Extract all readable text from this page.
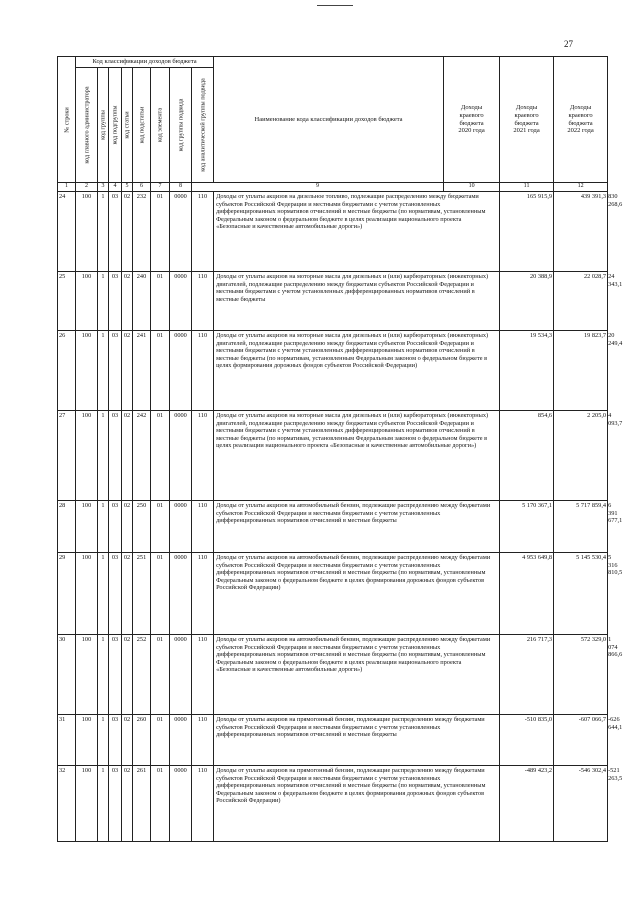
27
№ строки	Код классификации доходов бюджета								Наименование кода классификации доходов бюджета	Доходы
краевого
бюджета
2020 года	Доходы
краевого
бюджета
2021 года	Доходы
краевого
бюджета
2022 года	

	код главного администратора	код группы	код подгруппы	код статьи	код подстатьи	код элемента	код группы подвида	код аналитической группы подвида					

1	2	3	4	5	6	7	8	9		10	11	12	
24	100	1	03	02	232	01	0000	110	Доходы от уплаты акцизов на дизельное топливо, подлежащие распределению между бюджетами субъектов Российской Федерации и местными бюджетами с учетом установленных дифференцированных нормативов отчислений в местные бюджеты (по нормативам, установленным Федеральным законом о федеральном бюджете в целях реализации национального проекта «Безопасные и качественные автомобильные дороги»)		165 915,9	439 391,3	830 268,6
25	100	1	03	02	240	01	0000	110	Доходы от уплаты акцизов на моторные масла для дизельных и (или) карбюраторных (инжекторных) двигателей, подлежащие распределению между бюджетами субъектов Российской Федерации и местными бюджетами с учетом установленных дифференцированных нормативов отчислений в местные бюджеты		20 388,9	22 028,7	24 343,1
26	100	1	03	02	241	01	0000	110	Доходы от уплаты акцизов на моторные масла для дизельных и (или) карбюраторных (инжекторных) двигателей, подлежащие распределению между бюджетами субъектов Российской Федерации и местными бюджетами с учетом установленных дифференцированных нормативов отчислений в местные бюджеты (по нормативам, установленным Федеральным законом о федеральном бюджете в целях формирования дорожных фондов субъектов Российской Федерации)		19 534,3	19 823,7	20 249,4
27	100	1	03	02	242	01	0000	110	Доходы от уплаты акцизов на моторные масла для дизельных и (или) карбюраторных (инжекторных) двигателей, подлежащие распределению между бюджетами субъектов Российской Федерации и местными бюджетами с учетом установленных дифференцированных нормативов отчислений в местные бюджеты (по нормативам, установленным Федеральным законом о федеральном бюджете в целях реализации национального проекта «Безопасные и качественные автомобильные дороги»)		854,6	2 205,0	4 093,7
28	100	1	03	02	250	01	0000	110	Доходы от уплаты акцизов на автомобильный бензин, подлежащие распределению между бюджетами субъектов Российской Федерации и местными бюджетами с учетом установленных дифференцированных нормативов отчислений в местные бюджеты		5 170 367,1	5 717 859,4	6 391 677,1
29	100	1	03	02	251	01	0000	110	Доходы от уплаты акцизов на автомобильный бензин, подлежащие распределению между бюджетами субъектов Российской Федерации и местными бюджетами с учетом установленных дифференцированных нормативов отчислений в местные бюджеты (по нормативам, установленным Федеральным законом о федеральном бюджете в целях формирования дорожных фондов субъектов Российской Федерации)		4 953 649,8	5 145 530,4	5 316 810,5
30	100	1	03	02	252	01	0000	110	Доходы от уплаты акцизов на автомобильный бензин, подлежащие распределению между бюджетами субъектов Российской Федерации и местными бюджетами с учетом установленных дифференцированных нормативов отчислений в местные бюджеты (по нормативам, установленным Федеральным законом о федеральном бюджете в целях реализации национального проекта «Безопасные и качественные автомобильные дороги»)		216 717,3	572 329,0	1 074 866,6
31	100	1	03	02	260	01	0000	110	Доходы от уплаты акцизов на прямогонный бензин, подлежащие распределению между бюджетами субъектов Российской Федерации и местными бюджетами с учетом установленных дифференцированных нормативов отчислений в местные бюджеты		-510 835,0	-607 066,7	-626 644,1
32	100	1	03	02	261	01	0000	110	Доходы от уплаты акцизов на прямогонный бензин, подлежащие распределению между бюджетами субъектов Российской Федерации и местными бюджетами с учетом установленных дифференцированных нормативов отчислений в местные бюджеты (по нормативам, установленным Федеральным законом о федеральном бюджете в целях формирования дорожных фондов субъектов Российской Федерации)		-489 423,2	-546 302,4	-521 263,5
